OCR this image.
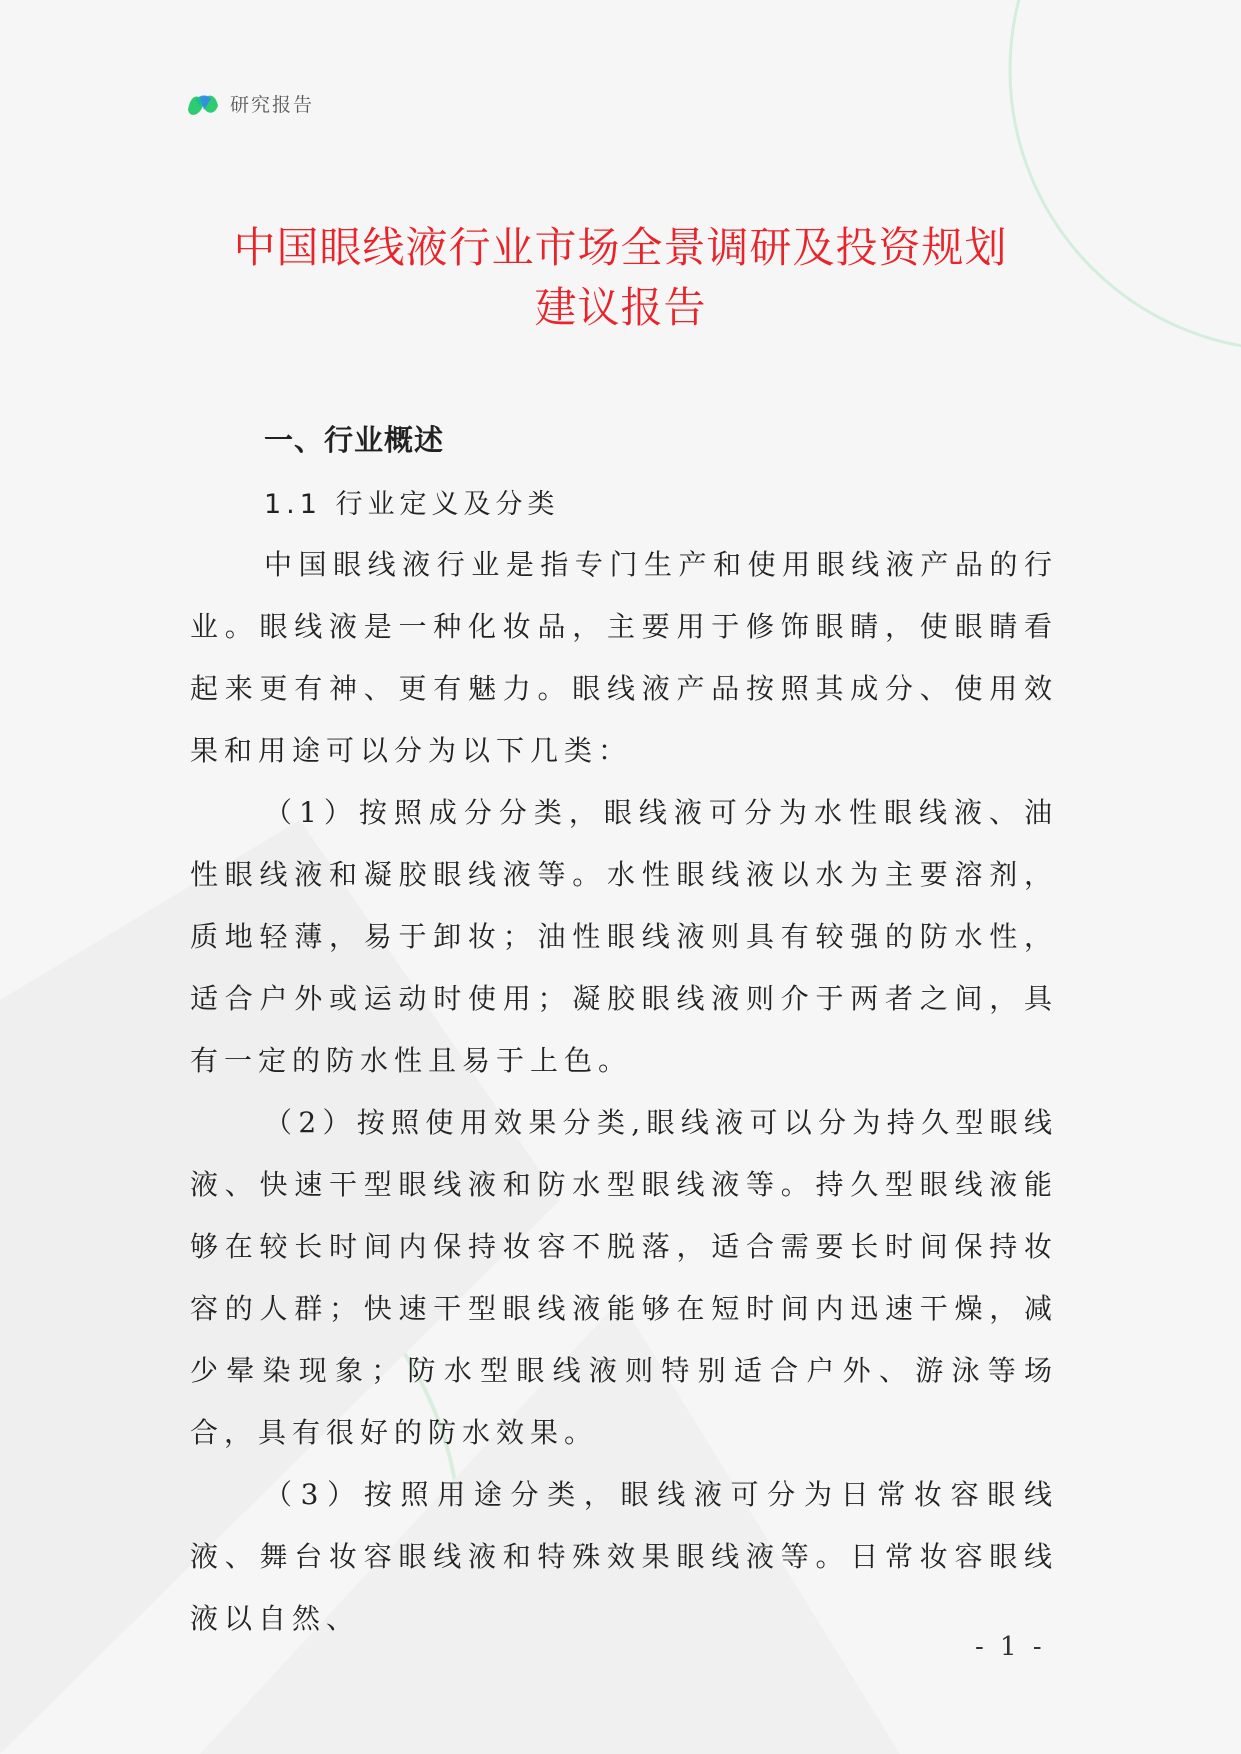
研究报告
中国眼线液行业市场全景调研及投资规划
建议报告
一、行业概述
1.1 行业定义及分类

中国眼线液行业是指专门生产和使用眼线液产品的行业。眼线液是一种化妆品，主要用于修饰眼睛，使眼睛看起来更有神、更有魅力。眼线液产品按照其成分、使用效果和用途可以分为以下几类：

（1）按照成分分类，眼线液可分为水性眼线液、油性眼线液和凝胶眼线液等。水性眼线液以水为主要溶剂，质地轻薄，易于卸妆；油性眼线液则具有较强的防水性，适合户外或运动时使用；凝胶眼线液则介于两者之间，具有一定的防水性且易于上色。

（2）按照使用效果分类,眼线液可以分为持久型眼线液、快速干型眼线液和防水型眼线液等。持久型眼线液能够在较长时间内保持妆容不脱落，适合需要长时间保持妆容的人群；快速干型眼线液能够在短时间内迅速干燥，减少晕染现象；防水型眼线液则特别适合户外、游泳等场合，具有很好的防水效果。

（3）按照用途分类，眼线液可分为日常妆容眼线液、舞台妆容眼线液和特殊效果眼线液等。日常妆容眼线液以自然、

- 1 -
